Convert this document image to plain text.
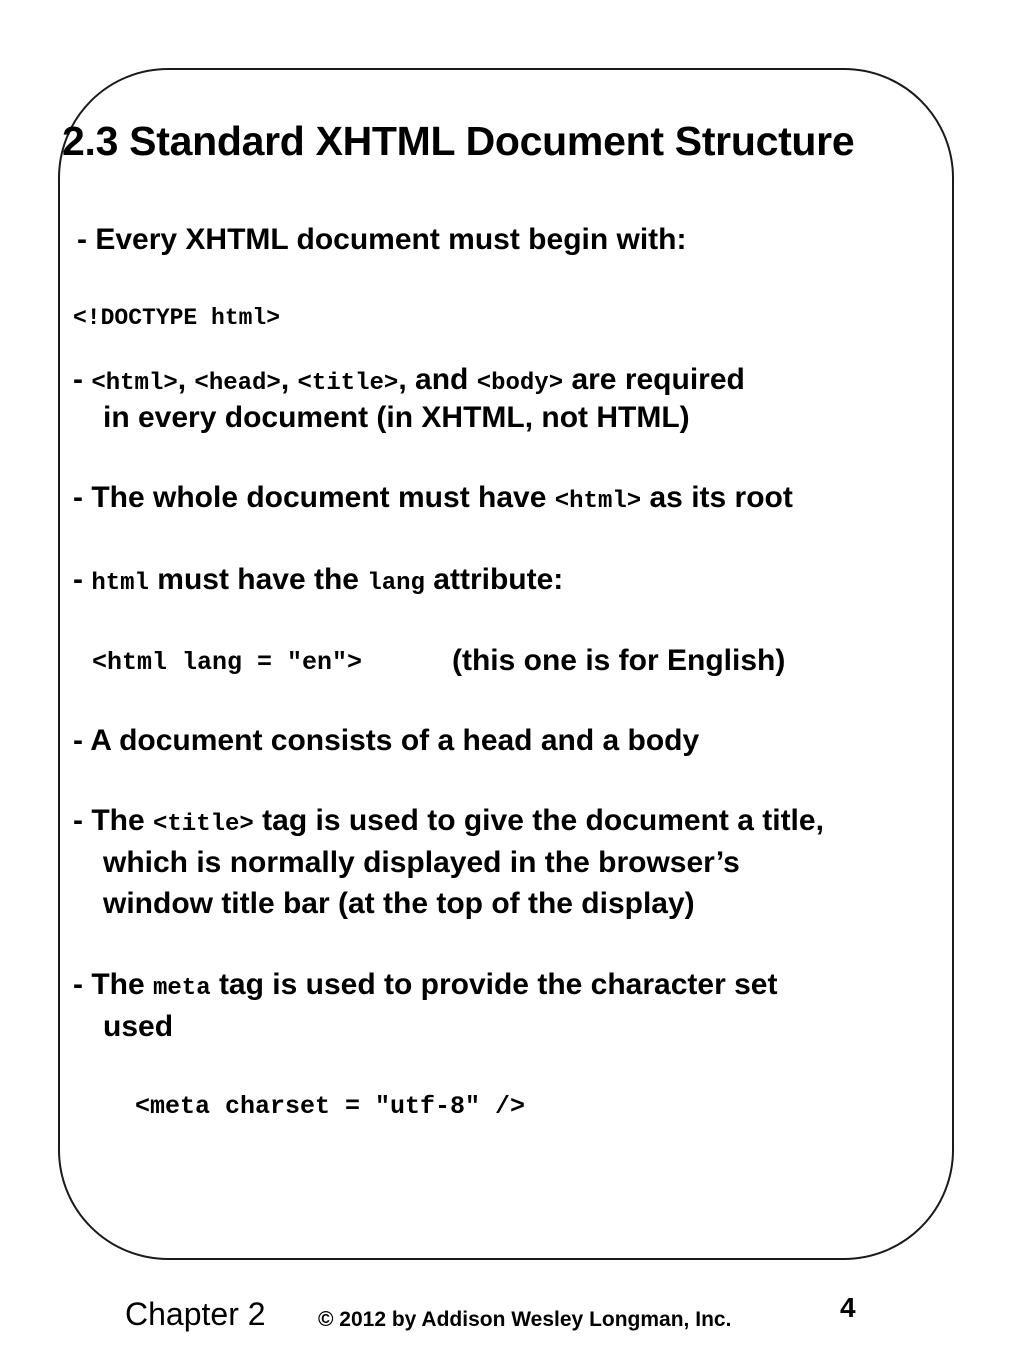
2.3 Standard XHTML Document Structure

- Every XHTML document must begin with:

<!DOCTYPE html>

- <html>, <head>, <title>, and <body> are required

in every document (in XHTML, not HTML)

- The whole document must have <html> as its root

- html must have the lang attribute:

<html lang = ″en″>	(this one is for English)

- A document consists of a head and a body

- The <title> tag is used to give the document a title,

which is normally displayed in the browser’s

window title bar (at the top of the display)

- The meta tag is used to provide the character set

used

<meta charset = ″utf-8″ />

Chapter 2 © 2012 by Addison Wesley Longman, Inc.	4
